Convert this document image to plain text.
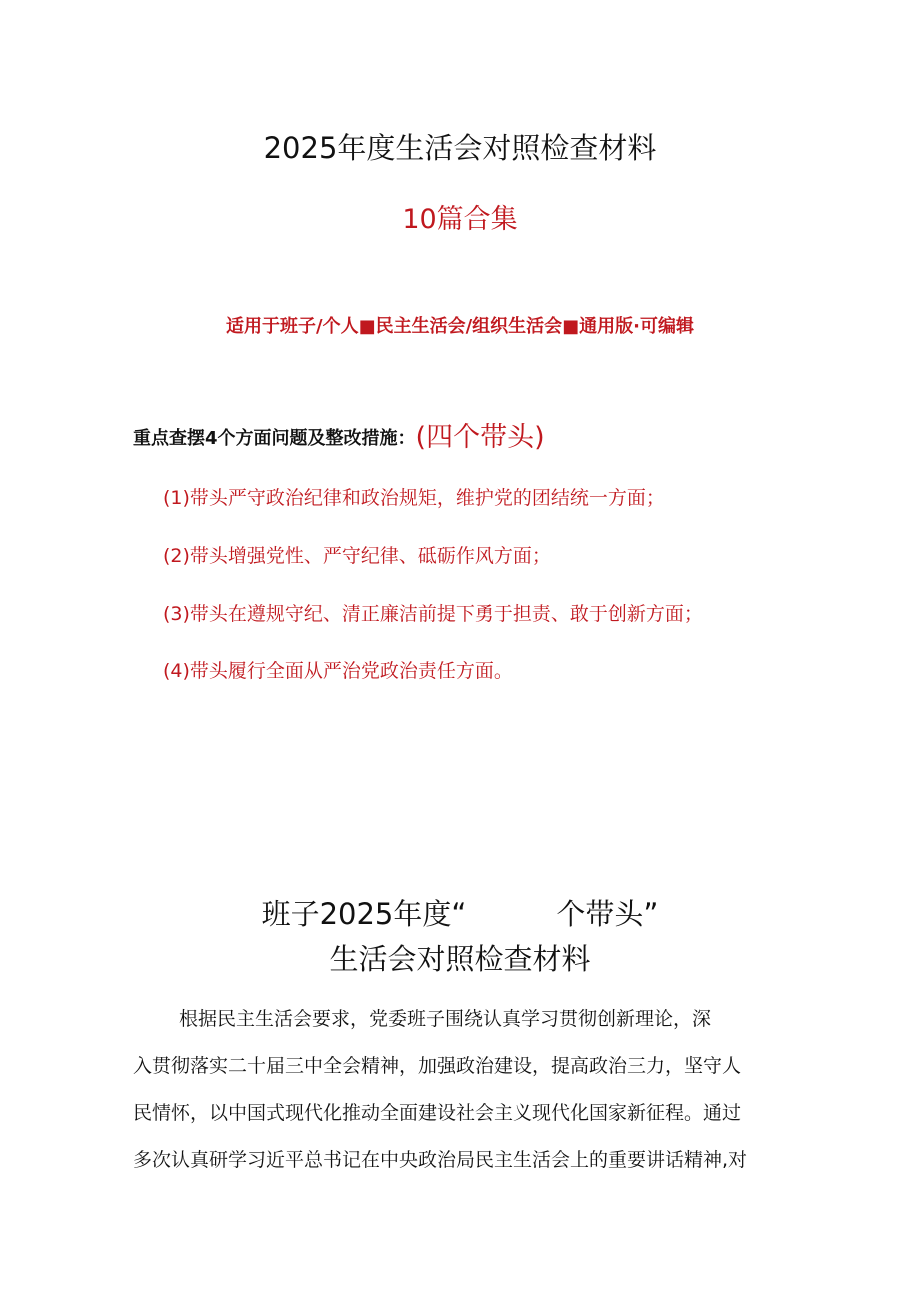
2025年度生活会对照检查材料
10篇合集
适用于班子/个人■民主生活会/组织生活会■通用版·可编辑
重点查摆4个方面问题及整改措施：(四个带头)
(1)带头严守政治纪律和政治规矩，维护党的团结统一方面；
(2)带头增强党性、严守纪律、砥砺作风方面；
(3)带头在遵规守纪、清正廉洁前提下勇于担责、敢于创新方面；
(4)带头履行全面从严治党政治责任方面。
班子2025年度“	个带头”
生活会对照检查材料
根据民主生活会要求，党委班子围绕认真学习贯彻创新理论，深
入贯彻落实二十届三中全会精神，加强政治建设，提高政治三力，坚守人
民情怀，以中国式现代化推动全面建设社会主义现代化国家新征程。通过
多次认真研学习近平总书记在中央政治局民主生活会上的重要讲话精神,对
